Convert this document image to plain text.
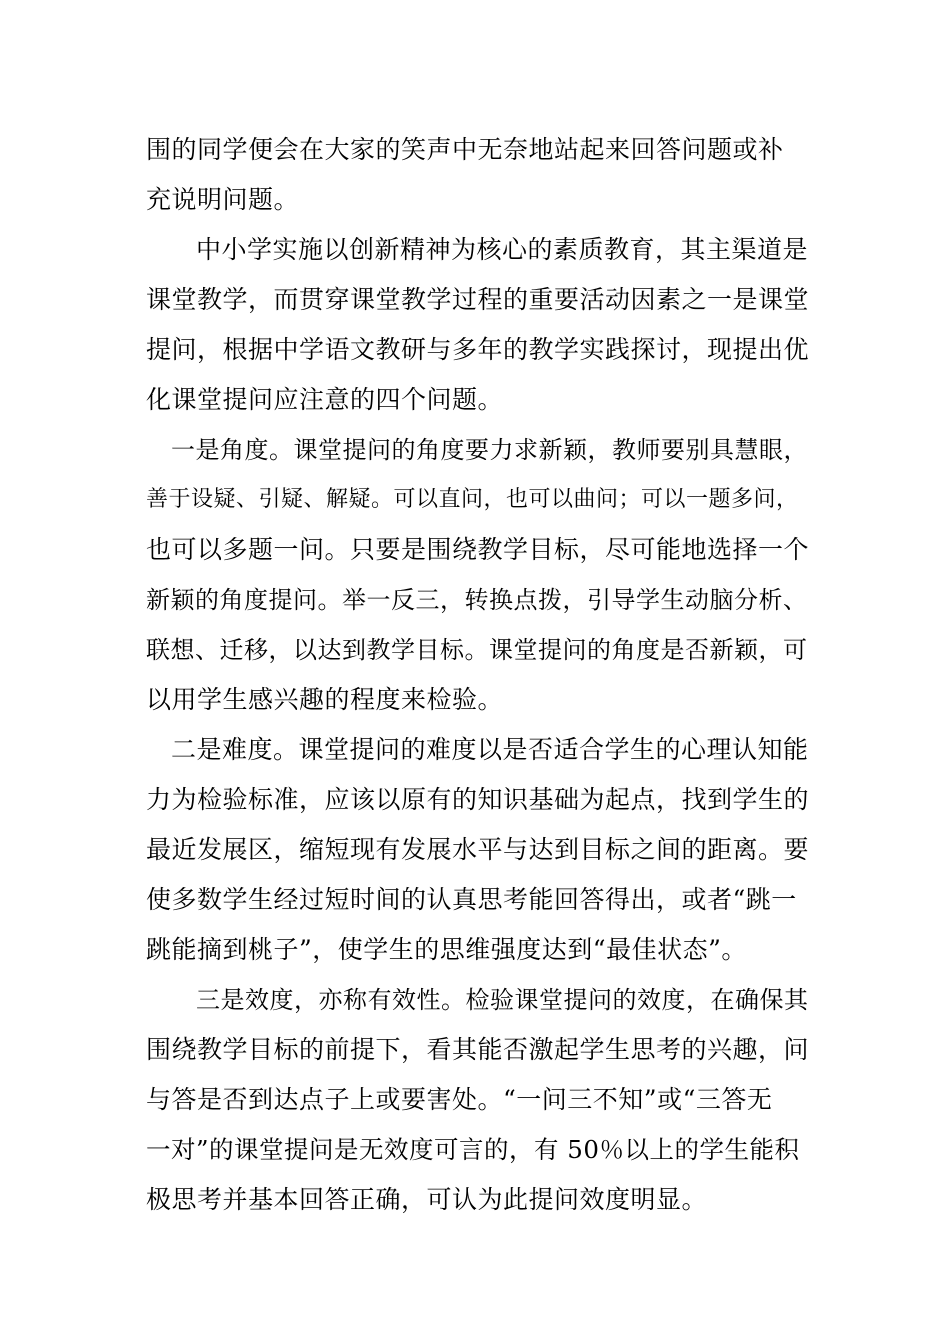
围的同学便会在大家的笑声中无奈地站起来回答问题或补
充说明问题。
中小学实施以创新精神为核心的素质教育，其主渠道是
课堂教学，而贯穿课堂教学过程的重要活动因素之一是课堂
提问，根据中学语文教研与多年的教学实践探讨，现提出优
化课堂提问应注意的四个问题。
一是角度。课堂提问的角度要力求新颖，教师要别具慧眼，
善于设疑、引疑、解疑。可以直问，也可以曲问；可以一题多问，
也可以多题一问。只要是围绕教学目标，尽可能地选择一个
新颖的角度提问。举一反三，转换点拨，引导学生动脑分析、
联想、迁移，以达到教学目标。课堂提问的角度是否新颖，可
以用学生感兴趣的程度来检验。
二是难度。课堂提问的难度以是否适合学生的心理认知能
力为检验标准，应该以原有的知识基础为起点，找到学生的
最近发展区，缩短现有发展水平与达到目标之间的距离。要
使多数学生经过短时间的认真思考能回答得出，或者“跳一
跳能摘到桃子”，使学生的思维强度达到“最佳状态”。
三是效度，亦称有效性。检验课堂提问的效度，在确保其
围绕教学目标的前提下，看其能否激起学生思考的兴趣，问
与答是否到达点子上或要害处。“一问三不知”或“三答无
一对”的课堂提问是无效度可言的，有 50％以上的学生能积
极思考并基本回答正确，可认为此提问效度明显。
